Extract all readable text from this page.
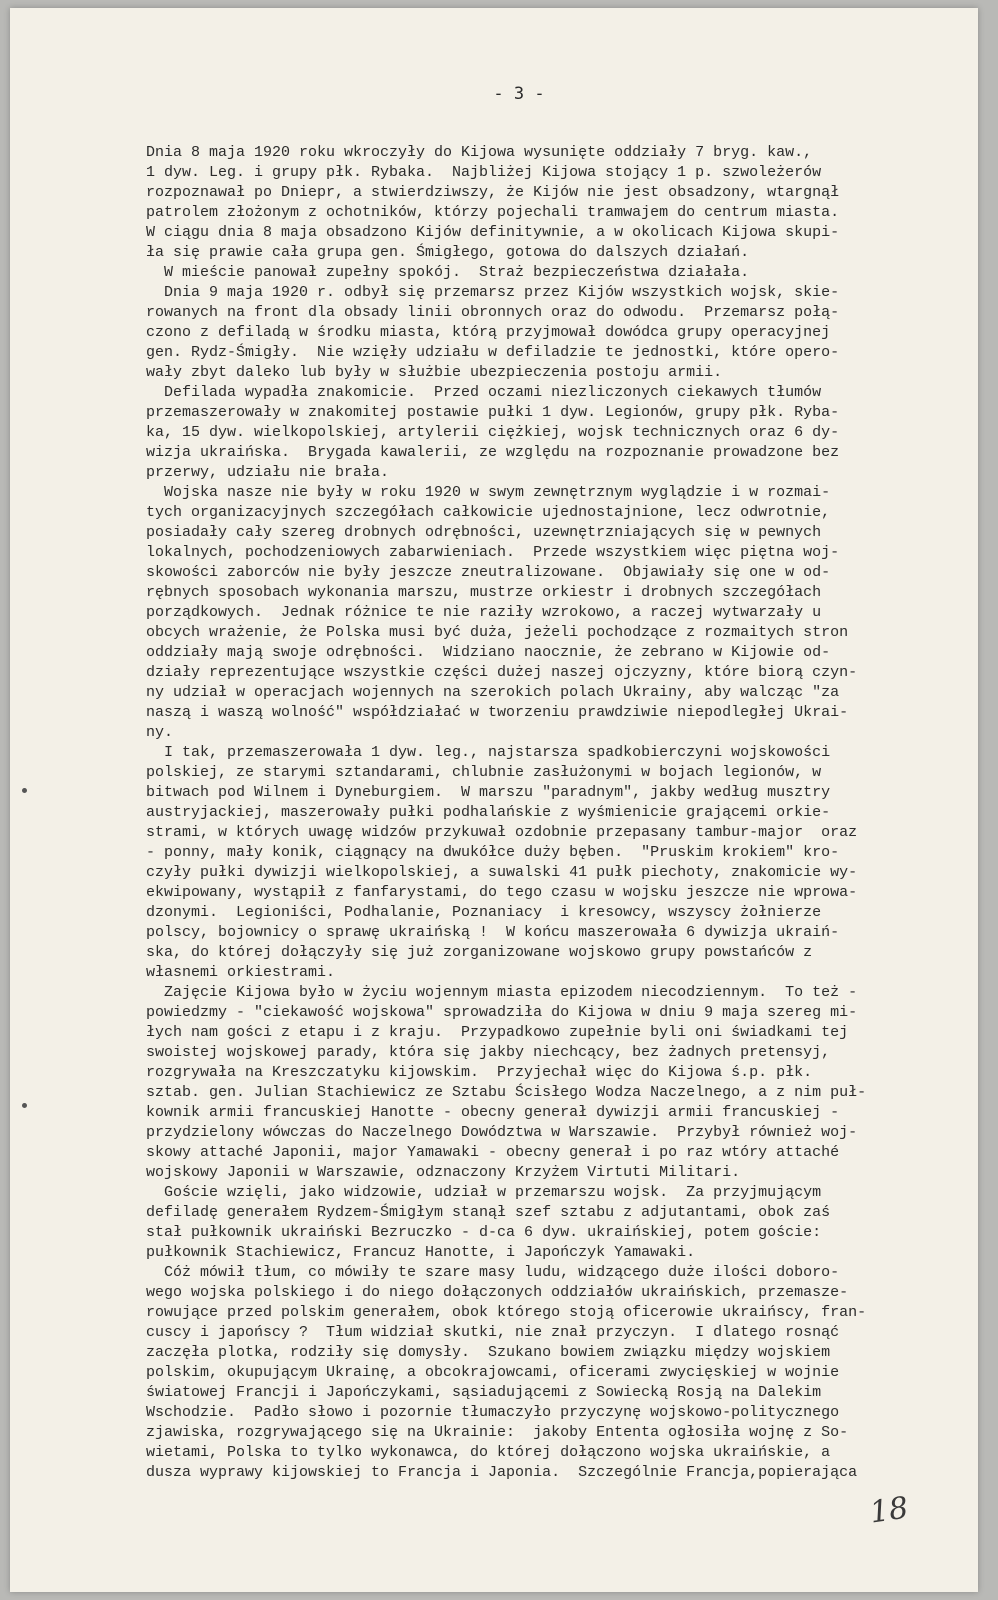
- 3 -
Dnia 8 maja 1920 roku wkroczyły do Kijowa wysunięte oddziały 7 bryg. kaw.,
1 dyw. Leg. i grupy płk. Rybaka.  Najbliżej Kijowa stojący 1 p. szwoleżerów
rozpoznawał po Dniepr, a stwierdziwszy, że Kijów nie jest obsadzony, wtargnął
patrolem złożonym z ochotników, którzy pojechali tramwajem do centrum miasta.
W ciągu dnia 8 maja obsadzono Kijów definitywnie, a w okolicach Kijowa skupi-
ła się prawie cała grupa gen. Śmigłego, gotowa do dalszych działań.
W mieście panował zupełny spokój.  Straż bezpieczeństwa działała.
Dnia 9 maja 1920 r. odbył się przemarsz przez Kijów wszystkich wojsk, skie-
rowanych na front dla obsady linii obronnych oraz do odwodu.  Przemarsz połą-
czono z defiladą w środku miasta, którą przyjmował dowódca grupy operacyjnej
gen. Rydz-Śmigły.  Nie wzięły udziału w defiladzie te jednostki, które opero-
wały zbyt daleko lub były w służbie ubezpieczenia postoju armii.
Defilada wypadła znakomicie.  Przed oczami niezliczonych ciekawych tłumów
przemaszerowały w znakomitej postawie pułki 1 dyw. Legionów, grupy płk. Ryba-
ka, 15 dyw. wielkopolskiej, artylerii ciężkiej, wojsk technicznych oraz 6 dy-
wizja ukraińska.  Brygada kawalerii, ze względu na rozpoznanie prowadzone bez
przerwy, udziału nie brała.
Wojska nasze nie były w roku 1920 w swym zewnętrznym wyglądzie i w rozmai-
tych organizacyjnych szczegółach całkowicie ujednostajnione, lecz odwrotnie,
posiadały cały szereg drobnych odrębności, uzewnętrzniających się w pewnych
lokalnych, pochodzeniowych zabarwieniach.  Przede wszystkiem więc piętna woj-
skowości zaborców nie były jeszcze zneutralizowane.  Objawiały się one w od-
rębnych sposobach wykonania marszu, mustrze orkiestr i drobnych szczegółach
porządkowych.  Jednak różnice te nie raziły wzrokowo, a raczej wytwarzały u
obcych wrażenie, że Polska musi być duża, jeżeli pochodzące z rozmaitych stron
oddziały mają swoje odrębności.  Widziano naocznie, że zebrano w Kijowie od-
działy reprezentujące wszystkie części dużej naszej ojczyzny, które biorą czyn-
ny udział w operacjach wojennych na szerokich polach Ukrainy, aby walcząc "za
naszą i waszą wolność" współdziałać w tworzeniu prawdziwie niepodległej Ukrai-
ny.
I tak, przemaszerowała 1 dyw. leg., najstarsza spadkobierczyni wojskowości
polskiej, ze starymi sztandarami, chlubnie zasłużonymi w bojach legionów, w
bitwach pod Wilnem i Dyneburgiem.  W marszu "paradnym", jakby według musztry
austryjackiej, maszerowały pułki podhalańskie z wyśmienicie grającemi orkie-
strami, w których uwagę widzów przykuwał ozdobnie przepasany tambur-major  oraz
- ponny, mały konik, ciągnący na dwukółce duży bęben.  "Pruskim krokiem" kro-
czyły pułki dywizji wielkopolskiej, a suwalski 41 pułk piechoty, znakomicie wy-
ekwipowany, wystąpił z fanfarystami, do tego czasu w wojsku jeszcze nie wprowa-
dzonymi.  Legioniści, Podhalanie, Poznaniacy  i kresowcy, wszyscy żołnierze
polscy, bojownicy o sprawę ukraińską !  W końcu maszerowała 6 dywizja ukraiń-
ska, do której dołączyły się już zorganizowane wojskowo grupy powstańców z
własnemi orkiestrami.
Zajęcie Kijowa było w życiu wojennym miasta epizodem niecodziennym.  To też -
powiedzmy - "ciekawość wojskowa" sprowadziła do Kijowa w dniu 9 maja szereg mi-
łych nam gości z etapu i z kraju.  Przypadkowo zupełnie byli oni świadkami tej
swoistej wojskowej parady, która się jakby niechcący, bez żadnych pretensyj,
rozgrywała na Kreszczatyku kijowskim.  Przyjechał więc do Kijowa ś.p. płk.
sztab. gen. Julian Stachiewicz ze Sztabu Ścisłego Wodza Naczelnego, a z nim puł-
kownik armii francuskiej Hanotte - obecny generał dywizji armii francuskiej -
przydzielony wówczas do Naczelnego Dowództwa w Warszawie.  Przybył również woj-
skowy attaché Japonii, major Yamawaki - obecny generał i po raz wtóry attaché
wojskowy Japonii w Warszawie, odznaczony Krzyżem Virtuti Militari.
Goście wzięli, jako widzowie, udział w przemarszu wojsk.  Za przyjmującym
defiladę generałem Rydzem-Śmigłym stanął szef sztabu z adjutantami, obok zaś
stał pułkownik ukraiński Bezruczko - d-ca 6 dyw. ukraińskiej, potem goście:
pułkownik Stachiewicz, Francuz Hanotte, i Japończyk Yamawaki.
Cóż mówił tłum, co mówiły te szare masy ludu, widzącego duże ilości doboro-
wego wojska polskiego i do niego dołączonych oddziałów ukraińskich, przemasze-
rowujące przed polskim generałem, obok którego stoją oficerowie ukraińscy, fran-
cuscy i japońscy ?  Tłum widział skutki, nie znał przyczyn.  I dlatego rosnąć
zaczęła plotka, rodziły się domysły.  Szukano bowiem związku między wojskiem
polskim, okupującym Ukrainę, a obcokrajowcami, oficerami zwycięskiej w wojnie
światowej Francji i Japończykami, sąsiadującemi z Sowiecką Rosją na Dalekim
Wschodzie.  Padło słowo i pozornie tłumaczyło przyczynę wojskowo-politycznego
zjawiska, rozgrywającego się na Ukrainie:  jakoby Ententa ogłosiła wojnę z So-
wietami, Polska to tylko wykonawca, do której dołączono wojska ukraińskie, a
dusza wyprawy kijowskiej to Francja i Japonia.  Szczególnie Francja,popierająca
18
